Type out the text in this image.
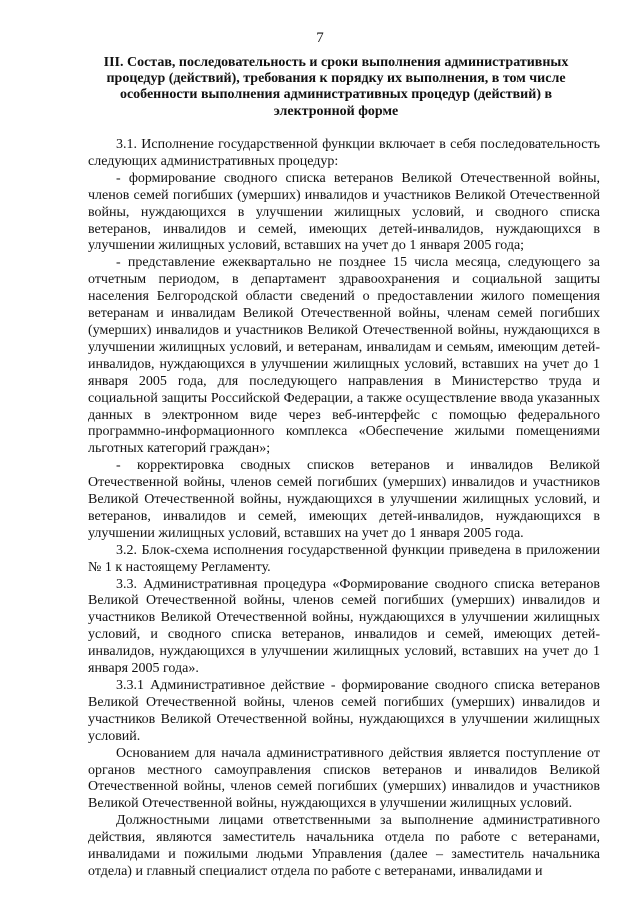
7
III. Состав, последовательность и сроки выполнения административных процедур (действий), требования к порядку их выполнения, в том числе особенности выполнения административных процедур (действий) в электронной форме

3.1. Исполнение государственной функции включает в себя последовательность следующих административных процедур:

- формирование сводного списка ветеранов Великой Отечественной войны, членов семей погибших (умерших) инвалидов и участников Великой Отечественной войны, нуждающихся в улучшении жилищных условий, и сводного списка ветеранов, инвалидов и семей, имеющих детей-инвалидов, нуждающихся в улучшении жилищных условий, вставших на учет до 1 января 2005 года;

- представление ежеквартально не позднее 15 числа месяца, следующего за отчетным периодом, в департамент здравоохранения и социальной защиты населения Белгородской области сведений о предоставлении жилого помещения ветеранам и инвалидам Великой Отечественной войны, членам семей погибших (умерших) инвалидов и участников Великой Отечественной войны, нуждающихся в улучшении жилищных условий, и ветеранам, инвалидам и семьям, имеющим детей-инвалидов, нуждающихся в улучшении жилищных условий, вставших на учет до 1 января 2005 года, для последующего направления в Министерство труда и социальной защиты Российской Федерации, а также осуществление ввода указанных данных в электронном виде через веб-интерфейс с помощью федерального программно-информационного комплекса «Обеспечение жилыми помещениями льготных категорий граждан»;

- корректировка сводных списков ветеранов и инвалидов Великой Отечественной войны, членов семей погибших (умерших) инвалидов и участников Великой Отечественной войны, нуждающихся в улучшении жилищных условий, и ветеранов, инвалидов и семей, имеющих детей-инвалидов, нуждающихся в улучшении жилищных условий, вставших на учет до 1 января 2005 года.

3.2. Блок-схема исполнения государственной функции приведена в приложении № 1 к настоящему Регламенту.

3.3. Административная процедура «Формирование сводного списка ветеранов Великой Отечественной войны, членов семей погибших (умерших) инвалидов и участников Великой Отечественной войны, нуждающихся в улучшении жилищных условий, и сводного списка ветеранов, инвалидов и семей, имеющих детей-инвалидов, нуждающихся в улучшении жилищных условий, вставших на учет до 1 января 2005 года».

3.3.1 Административное действие - формирование сводного списка ветеранов Великой Отечественной войны, членов семей погибших (умерших) инвалидов и участников Великой Отечественной войны, нуждающихся в улучшении жилищных условий.

Основанием для начала административного действия является поступление от органов местного самоуправления списков ветеранов и инвалидов Великой Отечественной войны, членов семей погибших (умерших) инвалидов и участников Великой Отечественной войны, нуждающихся в улучшении жилищных условий.

Должностными лицами ответственными за выполнение административного действия, являются заместитель начальника отдела по работе с ветеранами, инвалидами и пожилыми людьми Управления (далее – заместитель начальника отдела) и главный специалист отдела по работе с ветеранами, инвалидами и
